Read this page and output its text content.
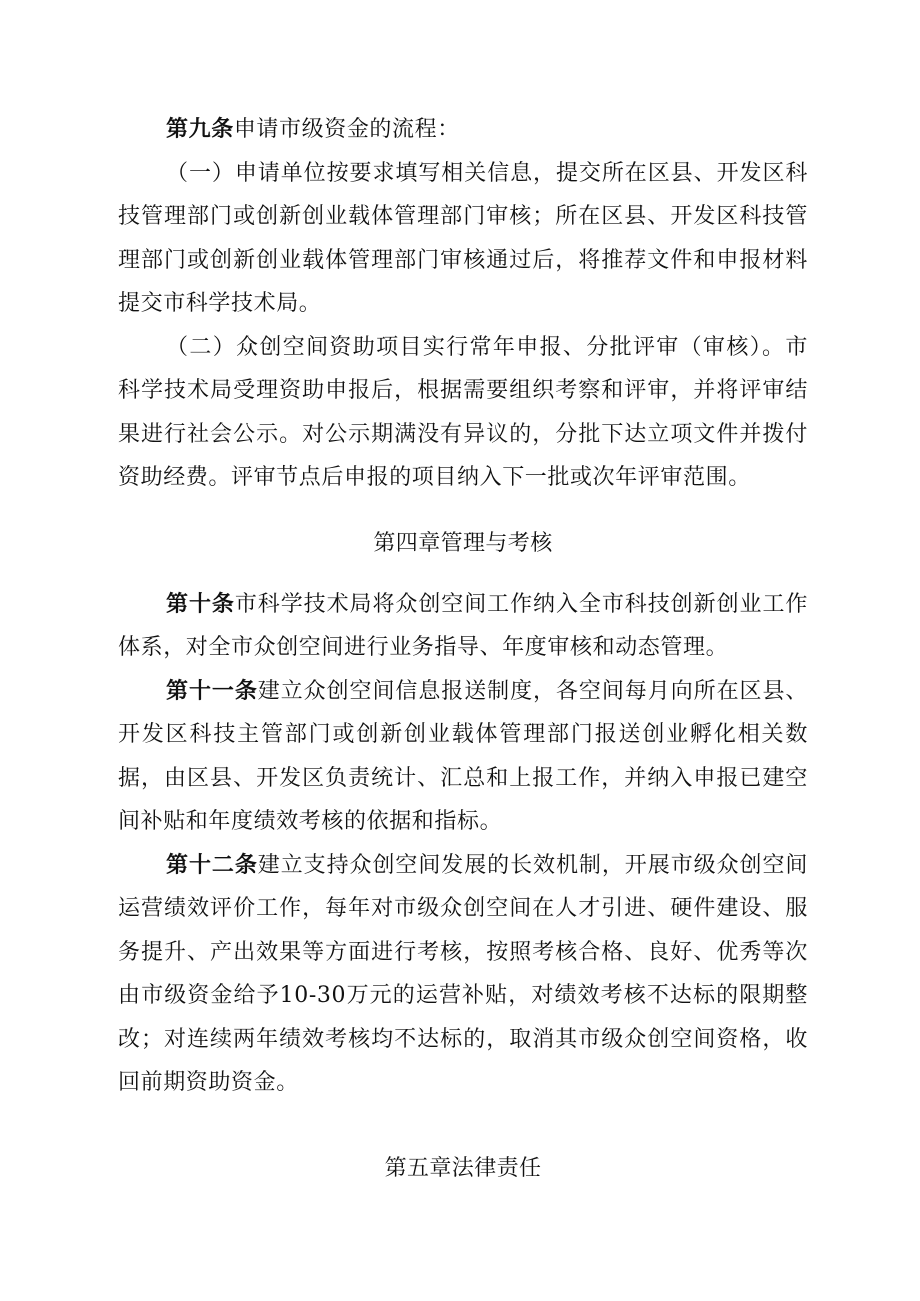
第九条申请市级资金的流程：

（一）申请单位按要求填写相关信息，提交所在区县、开发区科技管理部门或创新创业载体管理部门审核；所在区县、开发区科技管理部门或创新创业载体管理部门审核通过后，将推荐文件和申报材料提交市科学技术局。

（二）众创空间资助项目实行常年申报、分批评审（审核）。市科学技术局受理资助申报后，根据需要组织考察和评审，并将评审结果进行社会公示。对公示期满没有异议的，分批下达立项文件并拨付资助经费。评审节点后申报的项目纳入下一批或次年评审范围。

第四章管理与考核

第十条市科学技术局将众创空间工作纳入全市科技创新创业工作体系，对全市众创空间进行业务指导、年度审核和动态管理。

第十一条建立众创空间信息报送制度，各空间每月向所在区县、开发区科技主管部门或创新创业载体管理部门报送创业孵化相关数据，由区县、开发区负责统计、汇总和上报工作，并纳入申报已建空间补贴和年度绩效考核的依据和指标。

第十二条建立支持众创空间发展的长效机制，开展市级众创空间运营绩效评价工作，每年对市级众创空间在人才引进、硬件建设、服务提升、产出效果等方面进行考核，按照考核合格、良好、优秀等次由市级资金给予10-30万元的运营补贴，对绩效考核不达标的限期整改；对连续两年绩效考核均不达标的，取消其市级众创空间资格，收回前期资助资金。

第五章法律责任
